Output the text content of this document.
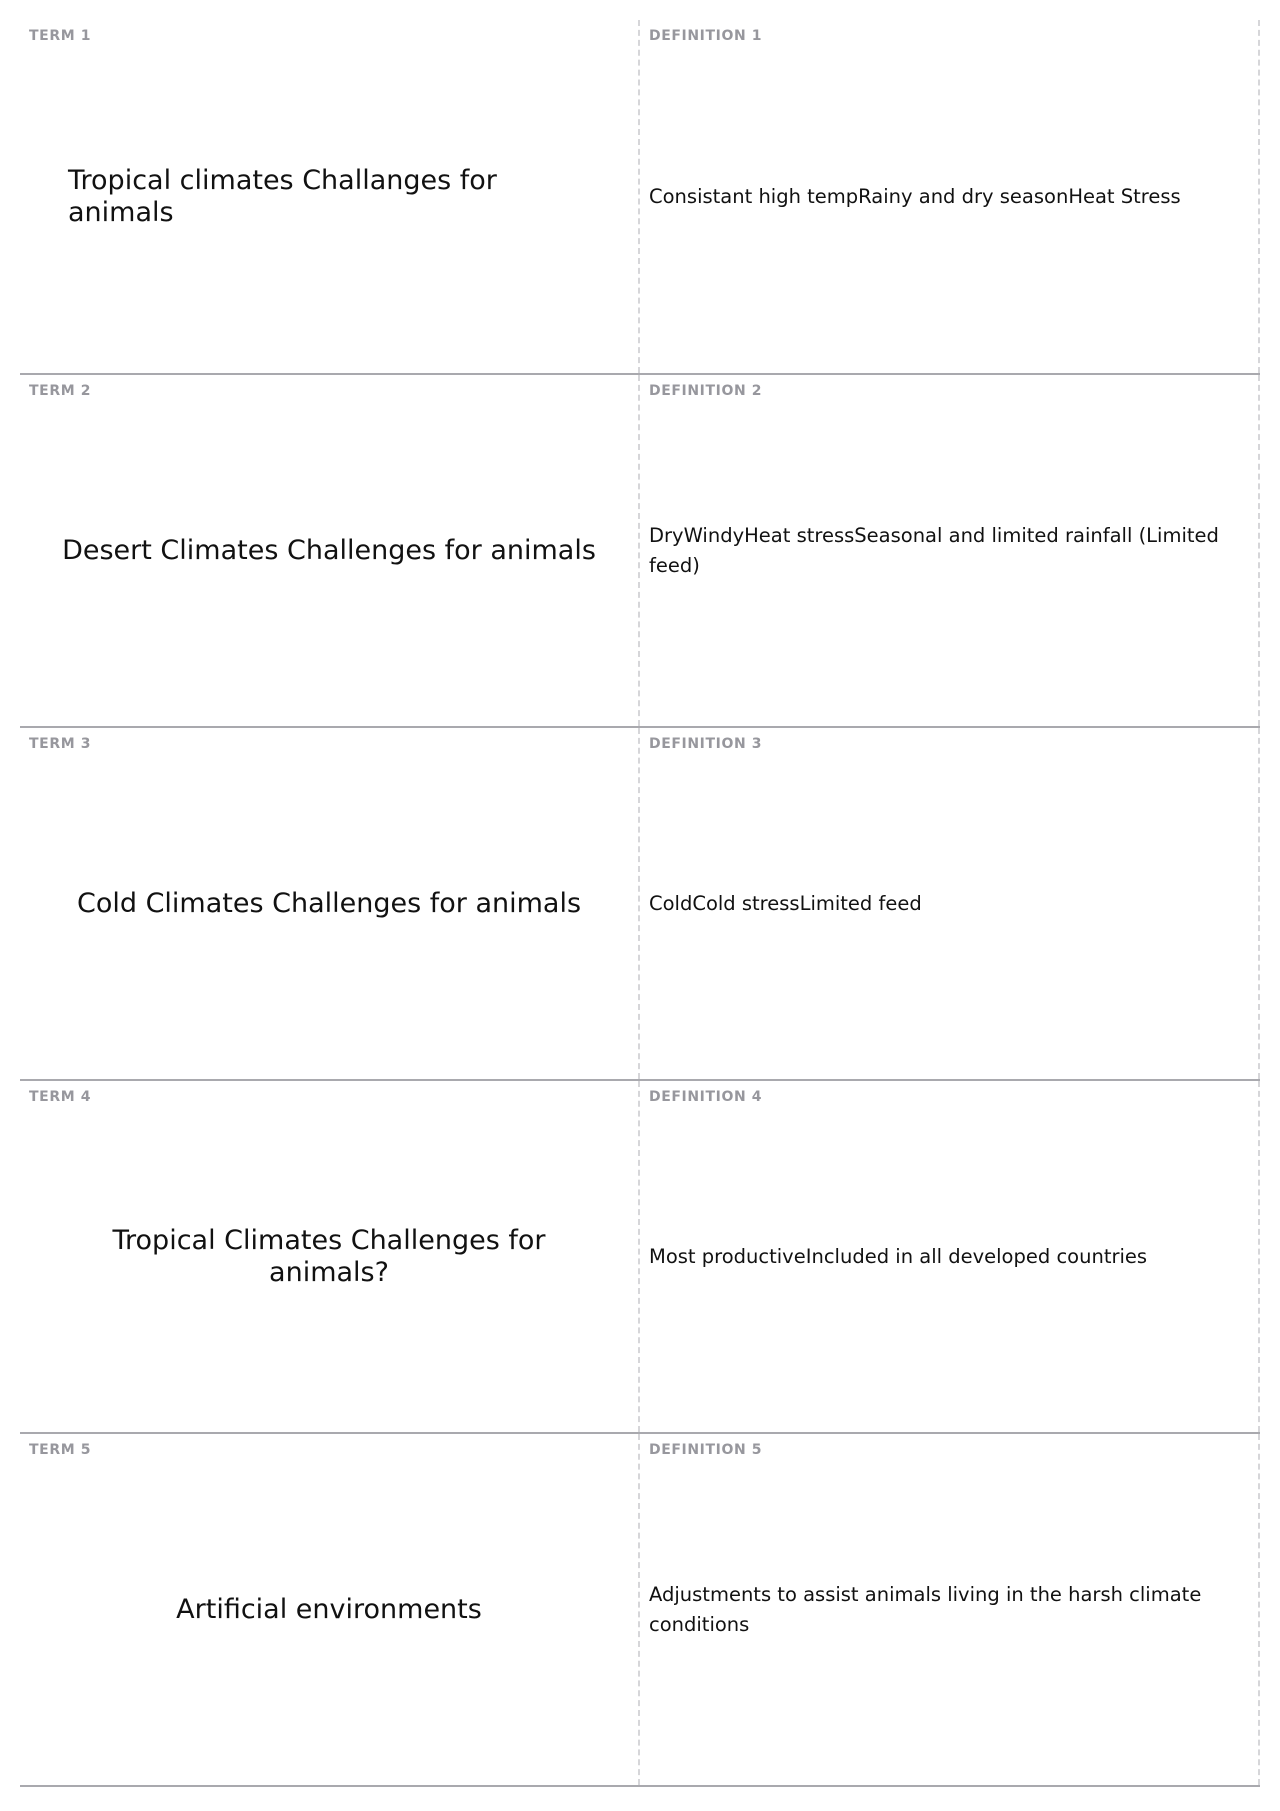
TERM 1
Tropical climates Challanges for animals
DEFINITION 1
Consistant high tempRainy and dry seasonHeat Stress
TERM 2
Desert Climates Challenges for animals
DEFINITION 2
DryWindyHeat stressSeasonal and limited rainfall (Limited feed)
TERM 3
Cold Climates Challenges for animals
DEFINITION 3
ColdCold stressLimited feed
TERM 4
Tropical Climates Challenges for animals?
DEFINITION 4
Most productiveIncluded in all developed countries
TERM 5
Artificial environments
DEFINITION 5
Adjustments to assist animals living in the harsh climate conditions
